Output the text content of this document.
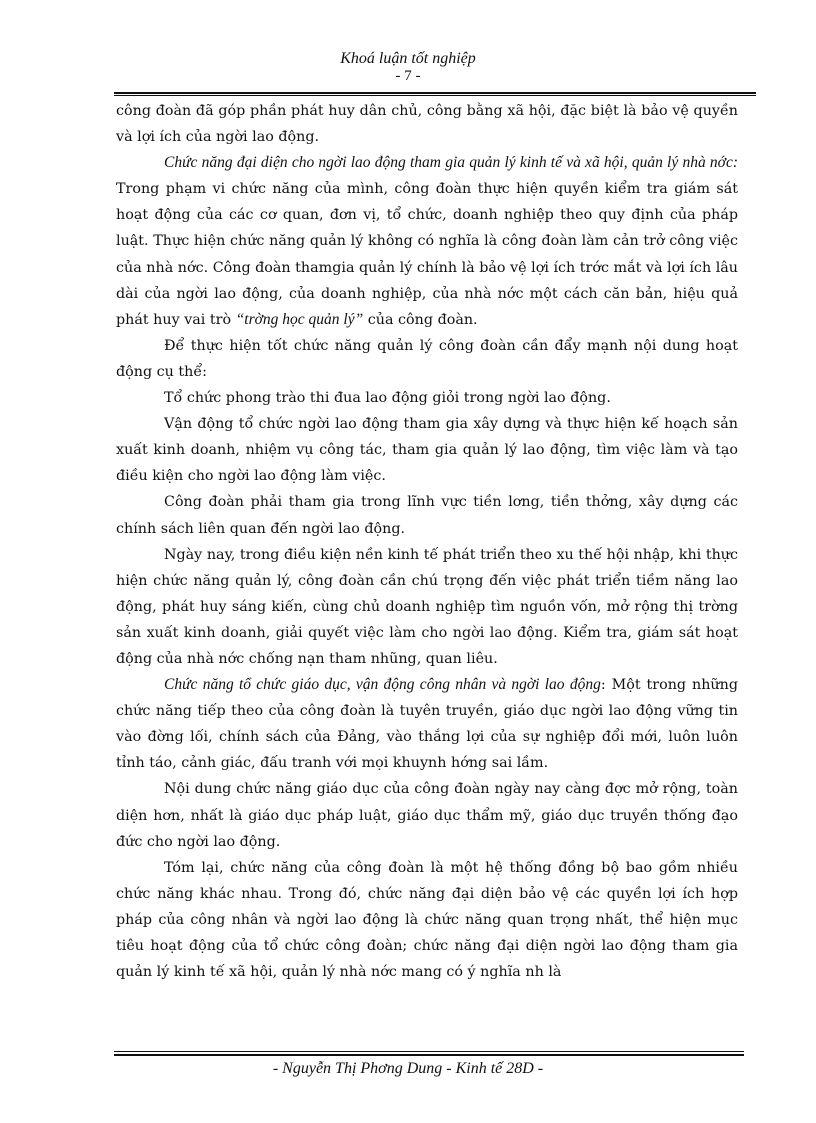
Khoá luận tốt nghiệp
- 7 -

công đoàn đã góp phần phát huy dân chủ, công bằng xã hội, đặc biệt là bảo vệ quyền và lợi ích của ngời lao động.

Chức năng đại diện cho ngời lao động tham gia quản lý kinh tế và xã hội, quản lý nhà nớc: Trong phạm vi chức năng của mình, công đoàn thực hiện quyền kiểm tra giám sát hoạt động của các cơ quan, đơn vị, tổ chức, doanh nghiệp theo quy định của pháp luật. Thực hiện chức năng quản lý không có nghĩa là công đoàn làm cản trở công việc của nhà nớc. Công đoàn thamgia quản lý chính là bảo vệ lợi ích trớc mắt và lợi ích lâu dài của ngời lao động, của doanh nghiệp, của nhà nớc một cách căn bản, hiệu quả phát huy vai trò “trờng học quản lý” của công đoàn.

Để thực hiện tốt chức năng quản lý công đoàn cần đẩy mạnh nội dung hoạt động cụ thể:

Tổ chức phong trào thi đua lao động giỏi trong ngời lao động.

Vận động tổ chức ngời lao động tham gia xây dựng và thực hiện kế hoạch sản xuất kinh doanh, nhiệm vụ công tác, tham gia quản lý lao động, tìm việc làm và tạo điều kiện cho ngời lao động làm việc.

Công đoàn phải tham gia trong lĩnh vực tiền lơng, tiền thởng, xây dựng các chính sách liên quan đến ngời lao động.

Ngày nay, trong điều kiện nền kinh tế phát triển theo xu thế hội nhập, khi thực hiện chức năng quản lý, công đoàn cần chú trọng đến việc phát triển tiềm năng lao động, phát huy sáng kiến, cùng chủ doanh nghiệp tìm nguồn vốn, mở rộng thị trờng sản xuất kinh doanh, giải quyết việc làm cho ngời lao động. Kiểm tra, giám sát hoạt động của nhà nớc chống nạn tham nhũng, quan liêu.

Chức năng tổ chức giáo dục, vận động công nhân và ngời lao động: Một trong những chức năng tiếp theo của công đoàn là tuyên truyền, giáo dục ngời lao động vững tin vào đờng lối, chính sách của Đảng, vào thắng lợi của sự nghiệp đổi mới, luôn luôn tỉnh táo, cảnh giác, đấu tranh với mọi khuynh hớng sai lầm.

Nội dung chức năng giáo dục của công đoàn ngày nay càng đợc mở rộng, toàn diện hơn, nhất là giáo dục pháp luật, giáo dục thẩm mỹ, giáo dục truyền thống đạo đức cho ngời lao động.

Tóm lại, chức năng của công đoàn là một hệ thống đồng bộ bao gồm nhiều chức năng khác nhau. Trong đó, chức năng đại diện bảo vệ các quyền lợi ích hợp pháp của công nhân và ngời lao động là chức năng quan trọng nhất, thể hiện mục tiêu hoạt động của tổ chức công đoàn; chức năng đại diện ngời lao động tham gia quản lý kinh tế xã hội, quản lý nhà nớc mang có ý nghĩa nh là

- Nguyễn Thị Phơng Dung - Kinh tế 28D -
